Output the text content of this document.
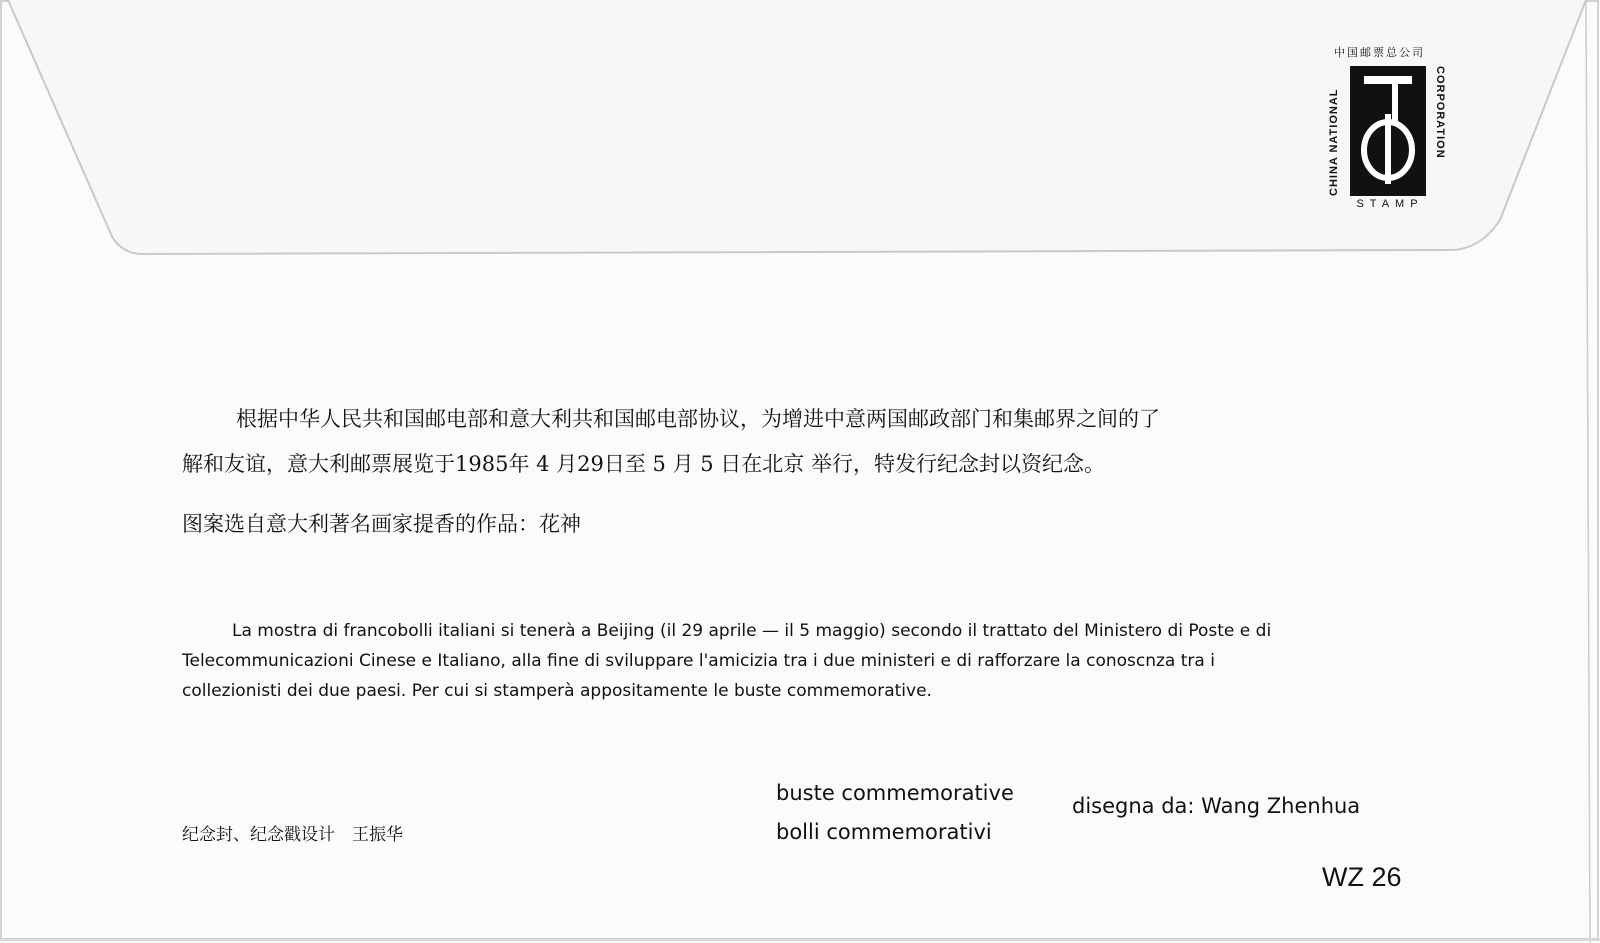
中国邮票总公司
CHINA NATIONAL	CORPORATION
STAMP
根据中华人民共和国邮电部和意大利共和国邮电部协议，为增进中意两国邮政部门和集邮界之间的了
解和友谊，意大利邮票展览于1985年 4 月29日至 5 月 5 日在北京 举行，特发行纪念封以资纪念。
图案选自意大利著名画家提香的作品：花神
La mostra di francobolli italiani si tenerà a Beijing (il 29 aprile — il 5 maggio) secondo il trattato del Ministero di Poste e di
Telecommunicazioni Cinese e Italiano, alla fine di sviluppare l'amicizia tra i due ministeri e di rafforzare la conoscnza tra i
collezionisti dei due paesi. Per cui si stamperà appositamente le buste commemorative.
纪念封、纪念戳设计　王振华
buste commemorative
bolli commemorativi
disegna da: Wang Zhenhua
WZ 26
